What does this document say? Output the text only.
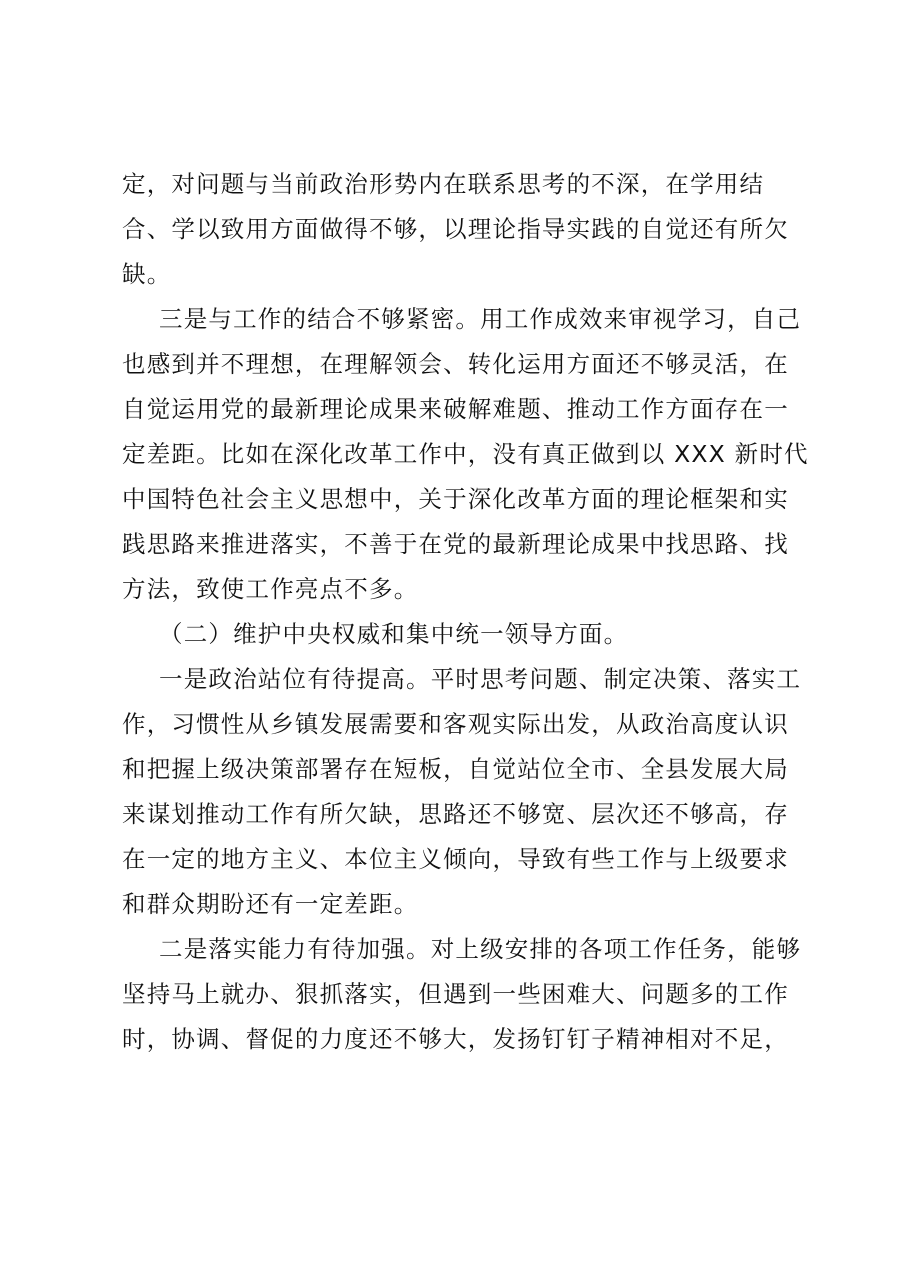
定，对问题与当前政治形势内在联系思考的不深，在学用结
合、学以致用方面做得不够，以理论指导实践的自觉还有所欠
缺。
三是与工作的结合不够紧密。用工作成效来审视学习，自己
也感到并不理想，在理解领会、转化运用方面还不够灵活，在
自觉运用党的最新理论成果来破解难题、推动工作方面存在一
定差距。比如在深化改革工作中，没有真正做到以 XXX 新时代
中国特色社会主义思想中，关于深化改革方面的理论框架和实
践思路来推进落实，不善于在党的最新理论成果中找思路、找
方法，致使工作亮点不多。
（二）维护中央权威和集中统一领导方面。
一是政治站位有待提高。平时思考问题、制定决策、落实工
作，习惯性从乡镇发展需要和客观实际出发，从政治高度认识
和把握上级决策部署存在短板，自觉站位全市、全县发展大局
来谋划推动工作有所欠缺，思路还不够宽、层次还不够高，存
在一定的地方主义、本位主义倾向，导致有些工作与上级要求
和群众期盼还有一定差距。
二是落实能力有待加强。对上级安排的各项工作任务，能够
坚持马上就办、狠抓落实，但遇到一些困难大、问题多的工作
时，协调、督促的力度还不够大，发扬钉钉子精神相对不足，
